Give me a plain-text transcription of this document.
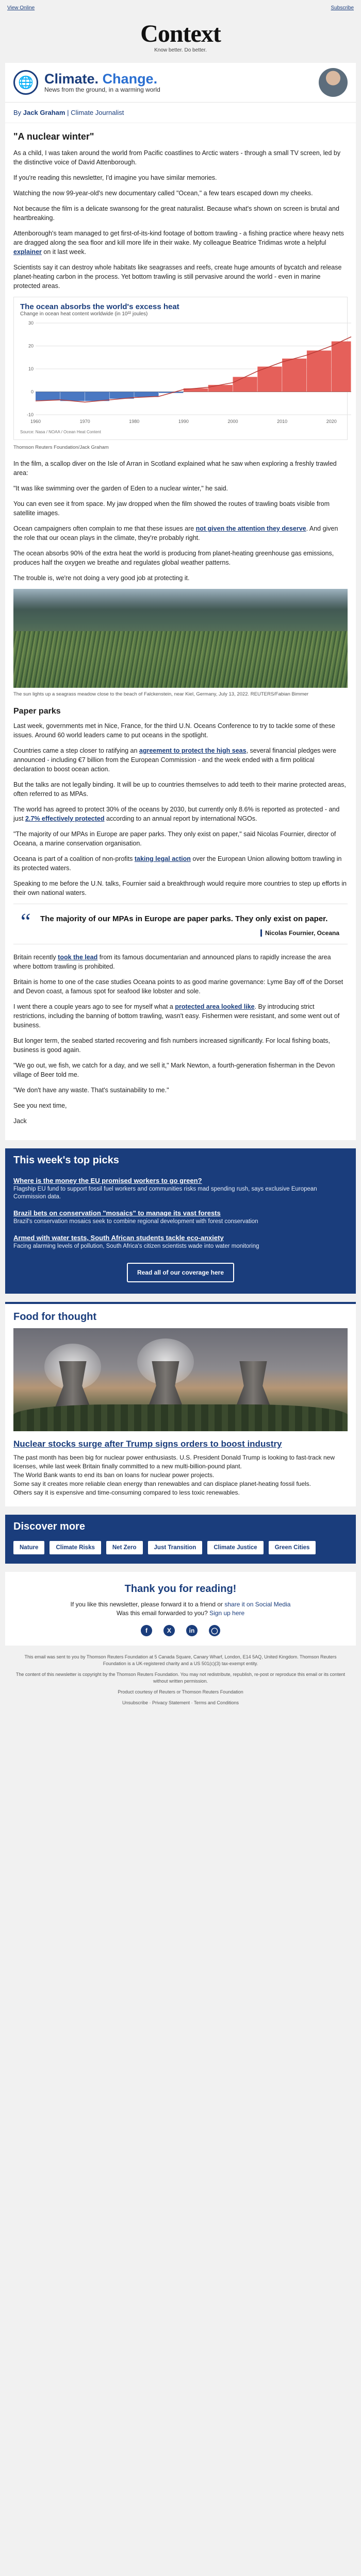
View Online	Subscribe
Context
Know better. Do better.
🌐 Climate. Change.
News from the ground, in a warming world
By Jack Graham | Climate Journalist
"A nuclear winter"

As a child, I was taken around the world from Pacific coastlines to Arctic waters - through a small TV screen, led by the distinctive voice of David Attenborough.

If you're reading this newsletter, I'd imagine you have similar memories.

Watching the now 99-year-old's new documentary called "Ocean," a few tears escaped down my cheeks.

Not because the film is a delicate swansong for the great naturalist. Because what's shown on screen is brutal and heartbreaking.

Attenborough's team managed to get first-of-its-kind footage of bottom trawling - a fishing practice where heavy nets are dragged along the sea floor and kill more life in their wake. My colleague Beatrice Tridimas wrote a helpful explainer on it last week.

Scientists say it can destroy whole habitats like seagrasses and reefs, create huge amounts of bycatch and release planet-heating carbon in the process. Yet bottom trawling is still pervasive around the world - even in marine protected areas.

The ocean absorbs the world's excess heat
Change in ocean heat content worldwide (in 10²² joules)
30
20
10
0
-10
1960	1970	1980	1990	2000	2010	2020
Source: Nasa / NOAA / Ocean Heat Content
Thomson Reuters Foundation/Jack Graham

In the film, a scallop diver on the Isle of Arran in Scotland explained what he saw when exploring a freshly trawled area:

"It was like swimming over the garden of Eden to a nuclear winter," he said.

You can even see it from space. My jaw dropped when the film showed the routes of trawling boats visible from satellite images.

Ocean campaigners often complain to me that these issues are not given the attention they deserve. And given the role that our ocean plays in the climate, they're probably right.

The ocean absorbs 90% of the extra heat the world is producing from planet-heating greenhouse gas emissions, produces half the oxygen we breathe and regulates global weather patterns.

The trouble is, we're not doing a very good job at protecting it.

The sun lights up a seagrass meadow close to the beach of Falckenstein, near Kiel, Germany, July 13, 2022. REUTERS/Fabian Bimmer
Paper parks

Last week, governments met in Nice, France, for the third U.N. Oceans Conference to try to tackle some of these issues. Around 60 world leaders came to put oceans in the spotlight.

Countries came a step closer to ratifying an agreement to protect the high seas, several financial pledges were announced - including €7 billion from the European Commission - and the week ended with a firm political declaration to boost ocean action.

But the talks are not legally binding. It will be up to countries themselves to add teeth to their marine protected areas, often referred to as MPAs.

The world has agreed to protect 30% of the oceans by 2030, but currently only 8.6% is reported as protected - and just 2.7% effectively protected according to an annual report by international NGOs.

"The majority of our MPAs in Europe are paper parks. They only exist on paper," said Nicolas Fournier, director of Oceana, a marine conservation organisation.

Oceana is part of a coalition of non-profits taking legal action over the European Union allowing bottom trawling in its protected waters.

Speaking to me before the U.N. talks, Fournier said a breakthrough would require more countries to step up efforts in their own national waters.

“ The majority of our MPAs in Europe are paper parks. They only exist on paper.
Nicolas Fournier, Oceana

Britain recently took the lead from its famous documentarian and announced plans to rapidly increase the area where bottom trawling is prohibited.

Britain is home to one of the case studies Oceana points to as good marine governance: Lyme Bay off of the Dorset and Devon coast, a famous spot for seafood like lobster and sole.

I went there a couple years ago to see for myself what a protected area looked like. By introducing strict restrictions, including the banning of bottom trawling, wasn't easy. Fishermen were resistant, and some went out of business.

But longer term, the seabed started recovering and fish numbers increased significantly. For local fishing boats, business is good again.

"We go out, we fish, we catch for a day, and we sell it," Mark Newton, a fourth-generation fisherman in the Devon village of Beer told me.

"We don't have any waste. That's sustainability to me."

See you next time,

Jack

This week's top picks
Where is the money the EU promised workers to go green?
Flagship EU fund to support fossil fuel workers and communities risks mad spending rush, says exclusive European Commission data.
Brazil bets on conservation "mosaics" to manage its vast forests
Brazil's conservation mosaics seek to combine regional development with forest conservation
Armed with water tests, South African students tackle eco-anxiety
Facing alarming levels of pollution, South Africa's citizen scientists wade into water monitoring
Read all of our coverage here
Food for thought
Nuclear stocks surge after Trump signs orders to boost industry

The past month has been big for nuclear power enthusiasts. U.S. President Donald Trump is looking to fast-track new licenses, while last week Britain finally committed to a new multi-billion-pound plant.

The World Bank wants to end its ban on loans for nuclear power projects.

Some say it creates more reliable clean energy than renewables and can displace planet-heating fossil fuels.

Others say it is expensive and time-consuming compared to less toxic renewables.

Discover more
Nature	Climate Risks	Net Zero	Just Transition	Climate Justice	Green Cities
Thank you for reading!

If you like this newsletter, please forward it to a friend or share it on Social Media

Was this email forwarded to you? Sign up here

f	X	in	◯

This email was sent to you by Thomson Reuters Foundation at 5 Canada Square, Canary Wharf, London, E14 5AQ, United Kingdom. Thomson Reuters Foundation is a UK-registered charity and a US 501(c)(3) tax-exempt entity.

The content of this newsletter is copyright by the Thomson Reuters Foundation. You may not redistribute, republish, re-post or reproduce this email or its content without written permission.

Product courtesy of Reuters or Thomson Reuters Foundation

Unsubscribe · Privacy Statement · Terms and Conditions
